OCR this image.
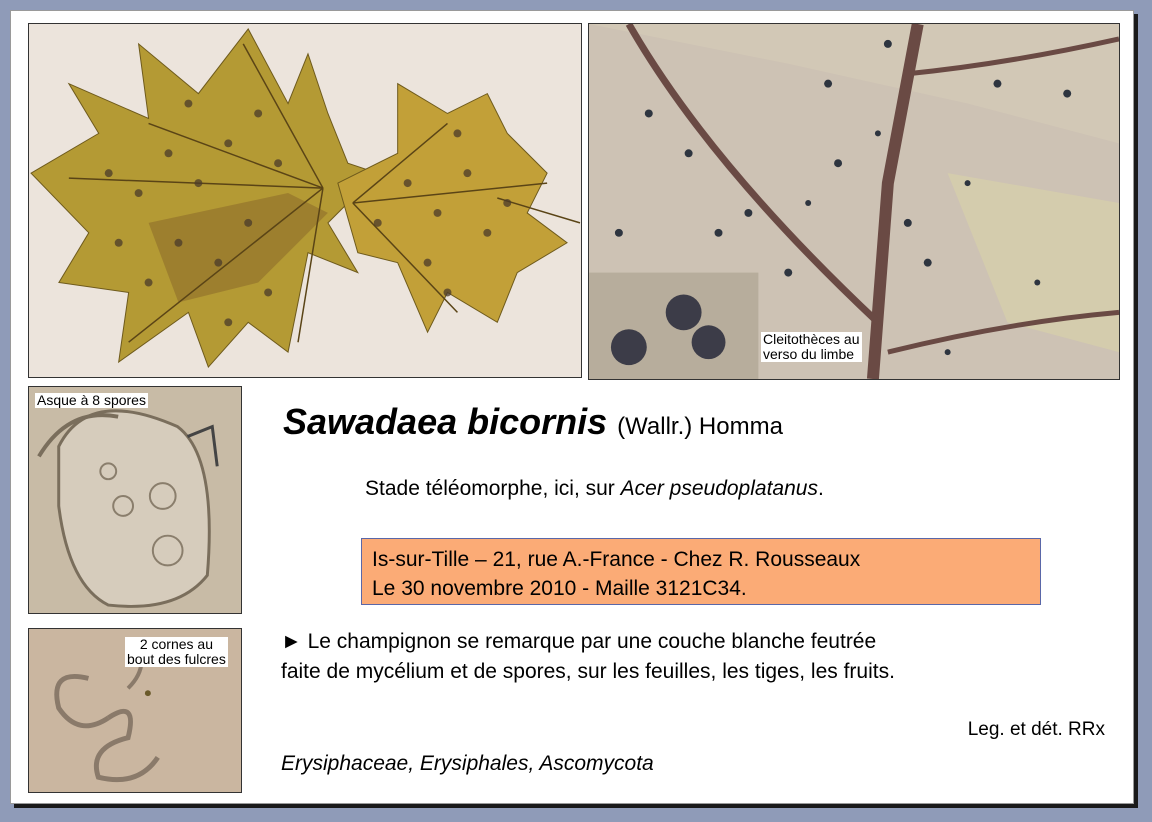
Cleitothèces au
verso du limbe
Asque à 8 spores
2 cornes au
bout des fulcres
Sawadaea bicornis (Wallr.) Homma
Stade téléomorphe, ici, sur Acer pseudoplatanus.
Is-sur-Tille – 21, rue A.-France - Chez R. Rousseaux
Le 30 novembre 2010 - Maille 3121C34.
► Le champignon se remarque par une couche blanche feutrée
faite de mycélium et de spores, sur les feuilles, les tiges, les fruits.
Leg. et dét. RRx
Erysiphaceae, Erysiphales, Ascomycota
